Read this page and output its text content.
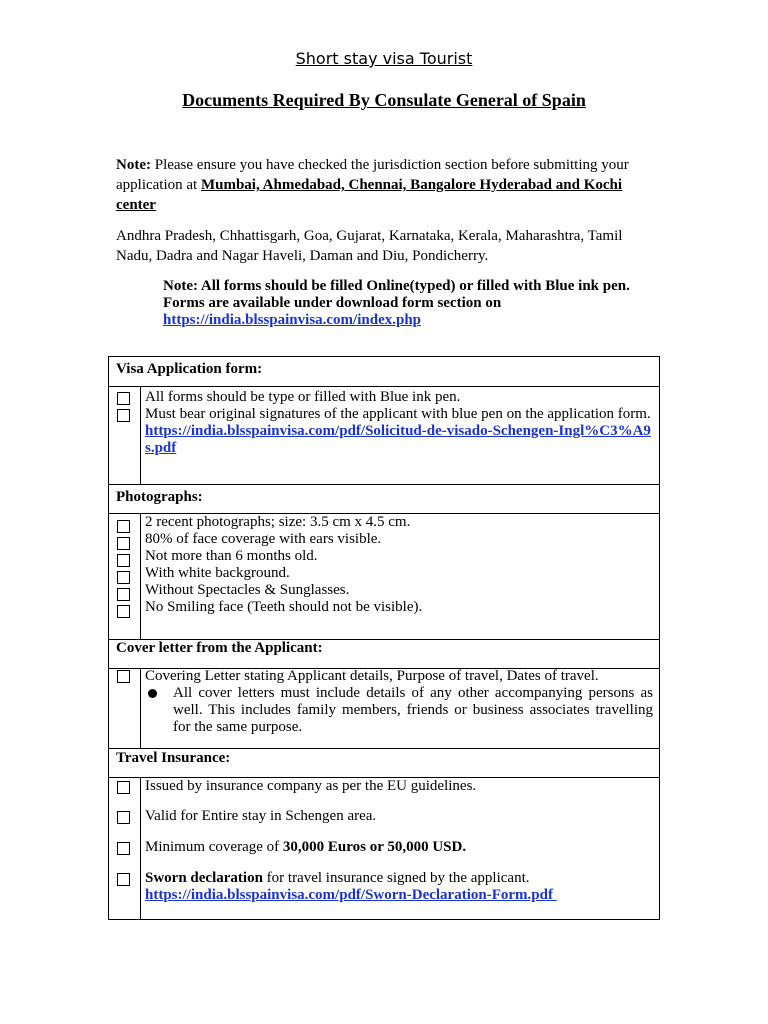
Short stay visa Tourist
Documents Required By Consulate General of Spain
Note: Please ensure you have checked the jurisdiction section before submitting your application at Mumbai, Ahmedabad, Chennai, Bangalore Hyderabad and Kochi center
Andhra Pradesh, Chhattisgarh, Goa, Gujarat, Karnataka, Kerala, Maharashtra, Tamil Nadu, Dadra and Nagar Haveli, Daman and Diu, Pondicherry.
Note: All forms should be filled Online(typed) or filled with Blue ink pen.
Forms are available under download form section on
https://india.blsspainvisa.com/index.php
Visa Application form:
All forms should be type or filled with Blue ink pen.
Must bear original signatures of the applicant with blue pen on the application form.
https://india.blsspainvisa.com/pdf/Solicitud-de-visado-Schengen-Ingl%C3%A9s.pdf
Photographs:
2 recent photographs; size: 3.5 cm x 4.5 cm.
80% of face coverage with ears visible.
Not more than 6 months old.
With white background.
Without Spectacles & Sunglasses.
No Smiling face (Teeth should not be visible).
Cover letter from the Applicant:
Covering Letter stating Applicant details, Purpose of travel, Dates of travel.
All cover letters must include details of any other accompanying persons as well. This includes family members, friends or business associates travelling for the same purpose.
Travel Insurance:
Issued by insurance company as per the EU guidelines.
Valid for Entire stay in Schengen area.
Minimum coverage of 30,000 Euros or 50,000 USD.
Sworn declaration for travel insurance signed by the applicant.
https://india.blsspainvisa.com/pdf/Sworn-Declaration-Form.pdf
